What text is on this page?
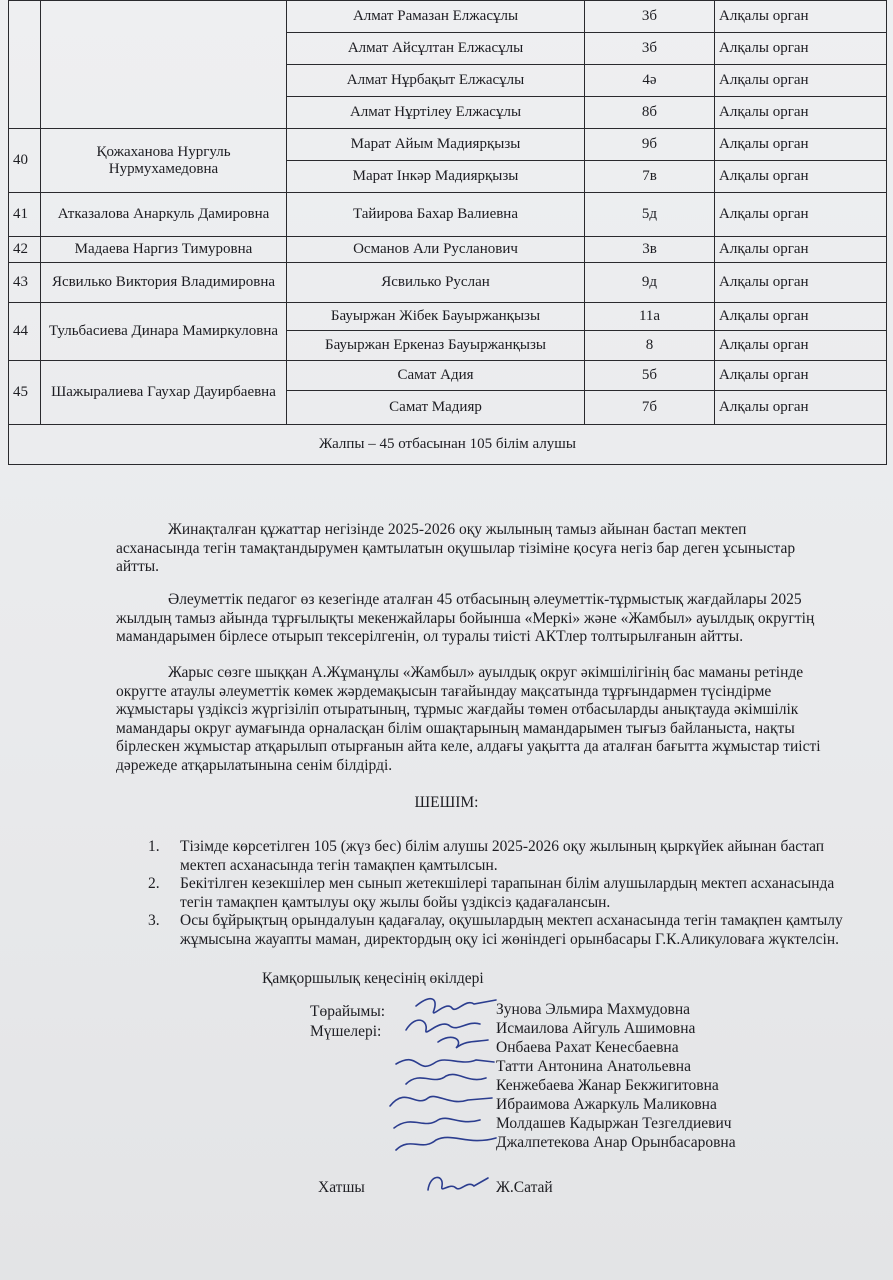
		Алмат Рамазан Елжасұлы	3б	Алқалы орган
		Алмат Айсұлтан Елжасұлы	3б	Алқалы орган
		Алмат Нұрбақыт Елжасұлы	4ә	Алқалы орган
		Алмат Нұртілеу Елжасұлы	8б	Алқалы орган
40	Қожаханова Нургуль Нурмухамедовна	Марат Айым Мадиярқызы	9б	Алқалы орган
		Марат Інкәр Мадиярқызы	7в	Алқалы орган
41	Атказалова Анаркуль Дамировна	Тайирова Бахар Валиевна	5д	Алқалы орган
42	Мадаева Наргиз Тимуровна	Османов Али Русланович	3в	Алқалы орган
43	Ясвилько Виктория Владимировна	Ясвилько Руслан	9д	Алқалы орган
44	Тульбасиева Динара Мамиркуловна	Бауыржан Жібек Бауыржанқызы	11а	Алқалы орган
		Бауыржан Еркеназ Бауыржанқызы	8	Алқалы орган
45	Шажыралиева Гаухар Дауирбаевна	Самат Адия	5б	Алқалы орган
		Самат Мадияр	7б	Алқалы орган
Жалпы – 45 отбасынан 105 білім алушы				

Жинақталған құжаттар негізінде 2025-2026 оқу жылының тамыз айынан бастап мектеп асханасында тегін тамақтандырумен қамтылатын оқушылар тізіміне қосуға негіз бар деген ұсыныстар айтты.

Әлеуметтік педагог өз кезегінде аталған 45 отбасының әлеуметтік-тұрмыстық жағдайлары 2025 жылдың тамыз айында тұрғылықты мекенжайлары бойынша «Меркі» және «Жамбыл» ауылдық округтің мамандарымен бірлесе отырып тексерілгенін, ол туралы тиісті АКТлер толтырылғанын айтты.

Жарыс сөзге шыққан А.Жұманұлы «Жамбыл» ауылдық округ әкімшілігінің бас маманы ретінде округте атаулы әлеуметтік көмек жәрдемақысын тағайындау мақсатында тұрғындармен түсіндірме жұмыстары үздіксіз жүргізіліп отыратының, тұрмыс жағдайы төмен отбасыларды анықтауда әкімшілік мамандары округ аумағында орналасқан білім ошақтарының мамандарымен тығыз байланыста, нақты бірлескен жұмыстар атқарылып отырғанын айта келе, алдағы уақытта да аталған бағытта жұмыстар тиісті дәрежеде атқарылатынына сенім білдірді.

ШЕШІМ:
1. Тізімде көрсетілген 105 (жүз бес) білім алушы 2025-2026 оқу жылының қыркүйек айынан бастап мектеп асханасында тегін тамақпен қамтылсын.
2. Бекітілген кезекшілер мен сынып жетекшілері тарапынан білім алушылардың мектеп асханасында тегін тамақпен қамтылуы оқу жылы бойы үздіксіз қадағалансын.
3. Осы бұйрықтың орындалуын қадағалау, оқушылардың мектеп асханасында тегін тамақпен қамтылу жұмысына жауапты маман, директордың оқу ісі жөніндегі орынбасары Г.К.Аликуловаға жүктелсін.
Қамқоршылық кеңесінің өкілдері
Төрайымы:
Мүшелері:
Зунова Эльмира Махмудовна
Исмаилова Айгуль Ашимовна
Онбаева Рахат Кенесбаевна
Татти Антонина Анатольевна
Кенжебаева Жанар Бекжигитовна
Ибраимова Ажаркуль Маликовна
Молдашев Кадыржан Тезгелдиевич
Джалпетекова Анар Орынбасаровна
Хатшы	Ж.Сатай
